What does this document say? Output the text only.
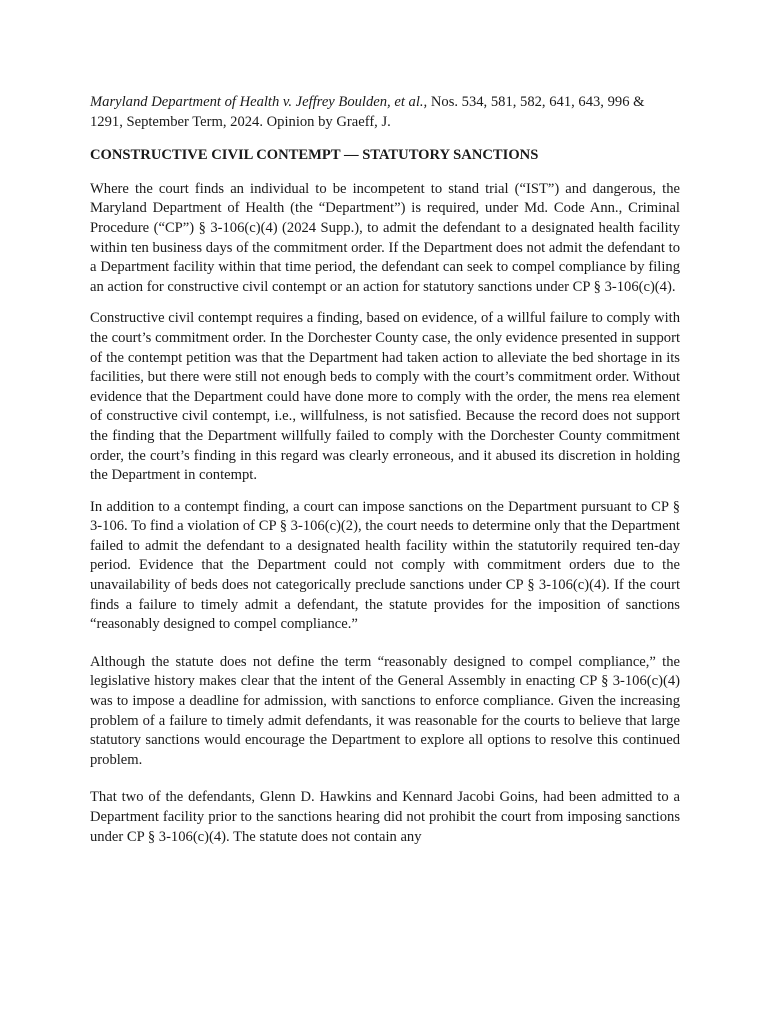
Maryland Department of Health v. Jeffrey Boulden, et al., Nos. 534, 581, 582, 641, 643, 996 & 1291, September Term, 2024. Opinion by Graeff, J.

CONSTRUCTIVE CIVIL CONTEMPT — STATUTORY SANCTIONS

Where the court finds an individual to be incompetent to stand trial (“IST”) and dangerous, the Maryland Department of Health (the “Department”) is required, under Md. Code Ann., Criminal Procedure (“CP”) § 3-106(c)(4) (2024 Supp.), to admit the defendant to a designated health facility within ten business days of the commitment order. If the Department does not admit the defendant to a Department facility within that time period, the defendant can seek to compel compliance by filing an action for constructive civil contempt or an action for statutory sanctions under CP § 3-106(c)(4).

Constructive civil contempt requires a finding, based on evidence, of a willful failure to comply with the court’s commitment order. In the Dorchester County case, the only evidence presented in support of the contempt petition was that the Department had taken action to alleviate the bed shortage in its facilities, but there were still not enough beds to comply with the court’s commitment order. Without evidence that the Department could have done more to comply with the order, the mens rea element of constructive civil contempt, i.e., willfulness, is not satisfied. Because the record does not support the finding that the Department willfully failed to comply with the Dorchester County commitment order, the court’s finding in this regard was clearly erroneous, and it abused its discretion in holding the Department in contempt.

In addition to a contempt finding, a court can impose sanctions on the Department pursuant to CP § 3-106. To find a violation of CP § 3-106(c)(2), the court needs to determine only that the Department failed to admit the defendant to a designated health facility within the statutorily required ten-day period. Evidence that the Department could not comply with commitment orders due to the unavailability of beds does not categorically preclude sanctions under CP § 3-106(c)(4). If the court finds a failure to timely admit a defendant, the statute provides for the imposition of sanctions “reasonably designed to compel compliance.”

Although the statute does not define the term “reasonably designed to compel compliance,” the legislative history makes clear that the intent of the General Assembly in enacting CP § 3-106(c)(4) was to impose a deadline for admission, with sanctions to enforce compliance. Given the increasing problem of a failure to timely admit defendants, it was reasonable for the courts to believe that large statutory sanctions would encourage the Department to explore all options to resolve this continued problem.

That two of the defendants, Glenn D. Hawkins and Kennard Jacobi Goins, had been admitted to a Department facility prior to the sanctions hearing did not prohibit the court from imposing sanctions under CP § 3-106(c)(4). The statute does not contain any
